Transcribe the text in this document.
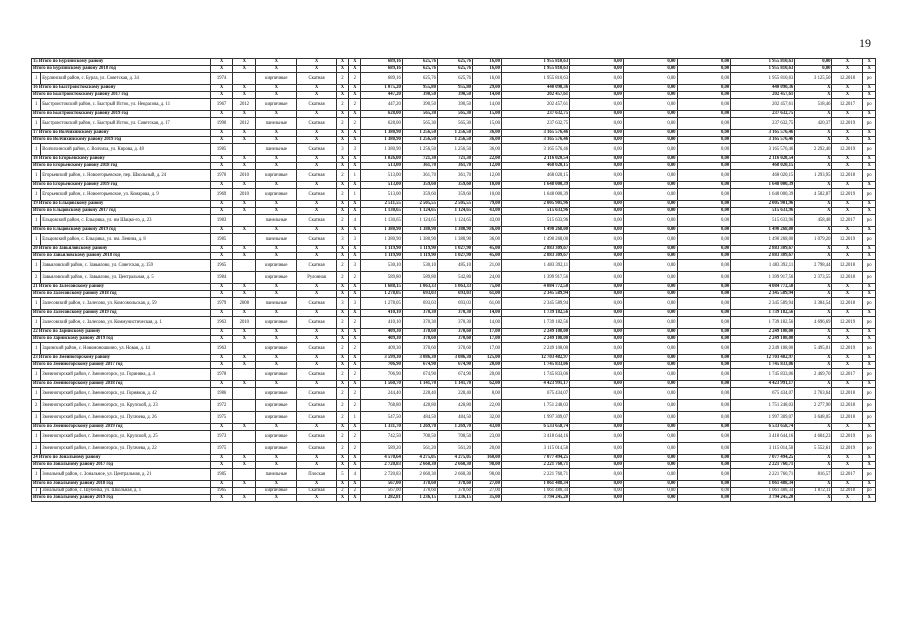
19
15 Итого по Бурлинскому району		X	X	X	X	X	X	689,16	625,76	625,76	16,00	1 955 810,63	0,00	0,00	0,00	1 955 810,63	0,00	X	X
Итого по Бурлинскому району 2018 год		X	X	X	X	X	X	689,16	625,76	625,76	16,00	1 955 810,63	0,00	0,00	0,00	1 955 810,63	0,00	X	X
1	Бурлинский район, с. Бурла, ул. Советская, д. 34	1974		кирпичные	Скатная	2	2	689,16	625,76	625,76	16,00	1 955 810,63	0,00	0,00	0,00	1 955 810,63	3 125,50	12.2018	ро
16 Итого по Быстроистокскому району		X	X	X	X	X	X	1 075,20	955,80	955,80	29,00	440 090,36	0,00	0,00	0,00	440 090,36	X	X	X
Итого по Быстроистокскому району 2017 год		X	X	X	X	X	X	447,20	390,50	390,50	14,00	202 457,61	0,00	0,00	0,00	202 457,61	X	X	X
1	Быстроистокский район, с. Быстрый Исток, ул. Некрасова, д. 11	1967	2012	кирпичные	Скатная	2	2	447,20	390,50	390,50	14,00	202 457,61	0,00	0,00	0,00	202 457,61	518,46	12.2017	ро
Итого по Быстроистокскому району 2019 год		X	X	X	X	X	X	628,00	565,30	565,30	15,00	237 632,75	0,00	0,00	0,00	237 632,75	X	X	X
1	Быстроистокский район, с. Быстрый Исток, ул. Советская, д. 17	1990	2012	панельные	Скатная	2	2	628,00	565,30	565,30	15,00	237 632,75	0,00	0,00	0,00	237 632,75	420,37	12.2019	ро
17 Итого по Волчихинскому району		X	X	X	X	X	X	1 380,90	1 256,50	1 256,50	36,00	3 165 576,46	0,00	0,00	0,00	3 165 576,46	X	X	X
Итого по Волчихинскому району 2019 год		X	X	X	X	X	X	1 380,90	1 256,50	1 256,50	36,00	3 165 576,46	0,00	0,00	0,00	3 165 576,46	X	X	X
1	Волчихинский район, с. Волчиха, ул. Кирова, д. 48	1985		панельные	Скатная	3	3	1 380,90	1 256,50	1 256,50	36,00	3 165 576,46	0,00	0,00	0,00	3 165 576,46	2 292,40	12.2019	ро
18 Итого по Егорьевскому району		X	X	X	X	X	X	1 026,00	721,30	721,30	22,00	2 116 020,54	0,00	0,00	0,00	2 116 020,54	X	X	X
Итого по Егорьевскому району 2018 год		X	X	X	X	X	X	513,00	361,70	361,70	12,00	468 020,15	0,00	0,00	0,00	468 020,15	X	X	X
1	Егорьевский район, с. Новоегорьевское, пер. Школьный, д. 24	1970	2010	кирпичные	Скатная	2	1	513,00	361,70	361,70	12,00	468 020,15	0,00	0,00	0,00	468 020,15	1 293,95	12.2018	ро
Итого по Егорьевскому району 2019 год		X	X	X	X	X	X	513,00	359,60	359,60	10,00	1 648 000,39	0,00	0,00	0,00	1 648 000,39	X	X	X
1	Егорьевский район, с. Новоегорьевское, ул. Комарова, д. 9	1969	2010	кирпичные	Скатная	2	1	513,00	359,60	359,60	10,00	1 648 000,39	0,00	0,00	0,00	1 648 000,39	4 582,87	12.2019	ро
19 Итого по Ельцовскому району		X	X	X	X	X	X	2 511,55	2 505,55	2 505,55	79,00	2 005 901,96	0,00	0,00	0,00	2 005 901,96	X	X	X
Итого по Ельцовскому району 2017 год		X	X	X	X	X	X	1 130,65	1 124,65	1 124,65	43,00	515 633,96	0,00	0,00	0,00	515 633,96	X	X	X
1	Ельцовский район, с. Ельцовка, ул. им Шацко-го, д. 23	1983		панельные	Скатная	2	4	1 130,65	1 124,65	1 124,65	43,00	515 633,96	0,00	0,00	0,00	515 633,96	458,48	12.2017	ро
Итого по Ельцовскому району 2019 год		X	X	X	X	X	X	1 380,90	1 380,90	1 380,90	36,00	1 490 268,00	0,00	0,00	0,00	1 490 268,00	X	X	X
1	Ельцовский район, с. Ельцовка, ул. им. Ленина, д. 8	1985		панельные	Скатная	3	3	1 380,90	1 380,90	1 380,90	36,00	1 490 268,00	0,00	0,00	0,00	1 490 268,00	1 079,20	12.2019	ро
20 Итого по Завьяловскому району		X	X	X	X	X	X	1 119,90	1 119,90	1 027,90	45,00	2 883 309,67	0,00	0,00	0,00	2 883 309,67	X	X	X
Итого по Завьяловскому району 2018 год		X	X	X	X	X	X	1 119,90	1 119,90	1 027,90	45,00	2 883 309,67	0,00	0,00	0,00	2 883 309,67	X	X	X
1	Завьяловский район, с. Завьялово, ул. Советская, д. 159	1965		кирпичные	Скатная	2	3	530,10	530,10	485,10	21,00	1 483 392,11	0,00	0,00	0,00	1 483 392,11	2 798,44	12.2018	ро
2	Завьяловский район, с. Завьялово, ул. Центральная, д. 5	1984		кирпичные	Рулонная	2	2	589,80	589,80	542,80	24,00	1 399 917,56	0,00	0,00	0,00	1 399 917,56	2 373,55	12.2018	ро
21 Итого по Залесовскому району		X	X	X	X	X	X	1 688,15	1 063,33	1 063,33	75,00	4 084 772,50	0,00	0,00	0,00	4 084 772,50	X	X	X
Итого по Залесовскому району 2018 год		X	X	X	X	X	X	1 278,05	693,03	693,03	61,00	2 345 589,94	0,00	0,00	0,00	2 345 589,94	X	X	X
1	Залесовский район, с. Залесово, ул. Комсомольская, д. 59	1979	2008	панельные	Скатная	3	3	1 278,05	693,03	693,03	61,00	2 345 589,94	0,00	0,00	0,00	2 345 589,94	3 384,54	12.2018	ро
Итого по Залесовскому району 2019 год		X	X	X	X	X	X	410,10	370,30	370,30	14,00	1 739 182,56	0,00	0,00	0,00	1 739 182,56	X	X	X
1	Залесовский район, с. Залесово, ул. Коммунистическая, д. 1	1963	2010	кирпичные	Скатная	2	2	410,10	370,30	370,30	14,00	1 739 182,56	0,00	0,00	0,00	1 739 182,56	4 696,69	12.2019	ро
22 Итого по Заринскому району		X	X	X	X	X	X	409,30	370,60	370,60	17,00	2 249 108,00	0,00	0,00	0,00	2 249 108,00	X	X	X
Итого по Заринскому району 2019 год		X	X	X	X	X	X	409,30	370,60	370,60	17,00	2 249 108,00	0,00	0,00	0,00	2 249 108,00	X	X	X
1	Заринский район, с. Новомоношкино, ул. Новая, д. 14	1963		кирпичные	Скатная	2	2	409,30	370,60	370,60	17,00	2 249 108,00	0,00	0,00	0,00	2 249 108,00	5 495,01	12.2019	ро
23 Итого по Змеиногорскому району		X	X	X	X	X	X	3 599,30	3 086,30	3 086,30	125,00	12 703 482,97	0,00	0,00	0,00	12 703 482,97	X	X	X
Итого по Змеиногорскому району 2017 год		X	X	X	X	X	X	706,90	674,90	674,90	20,00	1 745 833,06	0,00	0,00	0,00	1 745 833,06	X	X	X
1	Змеиногорский район, г. Змеиногорск, ул. Гориняна, д. 4	1978		кирпичные	Скатная	2	2	706,90	674,90	674,90	20,00	1 745 833,06	0,00	0,00	0,00	1 745 833,06	2 469,70	12.2017	ро
Итого по Змеиногорскому району 2018 год		X	X	X	X	X	X	1 560,70	1 141,70	1 141,70	62,00	4 423 991,17	0,00	0,00	0,00	4 423 991,17	X	X	X
1	Змеиногорский район, г. Змеиногорск, ул. Горняков, д. 42	1986		кирпичные	Скатная	2	2	244,40	228,40	228,40	8,00	675 434,07	0,00	0,00	0,00	675 434,07	2 763,64	12.2018	ро
2	Змеиногорский район, г. Змеиногорск, ул. Крупской, д. 23	1972		кирпичные	Скатная	2	2	768,80	428,80	428,80	22,00	1 751 248,03	0,00	0,00	0,00	1 751 248,03	2 277,90	12.2018	ро
3	Змеиногорский район, г. Змеиногорск, ул. Пугачева, д. 26	1975		кирпичные	Скатная	2	1	547,50	484,50	484,50	32,00	1 997 309,07	0,00	0,00	0,00	1 997 309,07	3 648,05	12.2018	ро
Итого по Змеиногорскому району 2019 год		X	X	X	X	X	X	1 331,70	1 269,70	1 269,70	43,00	6 533 658,74	0,00	0,00	0,00	6 533 658,74	X	X	X
1	Змеиногорский район, г. Змеиногорск, ул. Крупской, д. 25	1973		кирпичные	Скатная	2	2	742,50	708,50	708,50	23,00	3 418 644,16	0,00	0,00	0,00	3 418 644,16	4 604,23	12.2019	ро
2	Змеиногорский район, г. Змеиногорск, ул. Пугачева, д. 22	1975		кирпичные	Скатная	2	2	589,20	561,20	561,20	20,00	3 115 014,58	0,00	0,00	0,00	3 115 014,58	5 552,61	12.2019	ро
24 Итого по Зональному району		X	X	X	X	X	X	4 570,64	4 275,05	4 275,05	160,00	7 077 494,25	0,00	0,00	0,00	7 077 494,25	X	X	X
Итого по Зональному району 2017 год		X	X	X	X	X	X	2 720,83	2 660,30	2 660,30	98,00	2 221 760,71	0,00	0,00	0,00	2 221 760,71	X	X	X
1	Зональный район, с. Зональное, ул. Центральная, д. 21	1985		панельные	Плоская	5	4	2 720,83	2 660,30	2 660,30	98,00	2 221 760,71	0,00	0,00	0,00	2 221 760,71	816,57	12.2017	ро
Итого по Зональному району 2018 год		X	X	X	X	X	X	567,00	378,60	378,60	27,00	1 061 488,34	0,00	0,00	0,00	1 061 488,34	X	X	X
1	Зональный район, с. Шубенка, ул. Школьная, д. 1	1965		кирпичные	Скатная	2	2	567,00	378,60	378,60	27,00	1 061 488,34	0,00	0,00	0,00	1 061 488,34	1 872,11	12.2018	ро
Итого по Зональному району 2019 год		X	X	X	X	X	X	1 282,81	1 236,15	1 236,15	35,00	3 794 245,20	0,00	0,00	0,00	3 794 245,20	X	X	X
